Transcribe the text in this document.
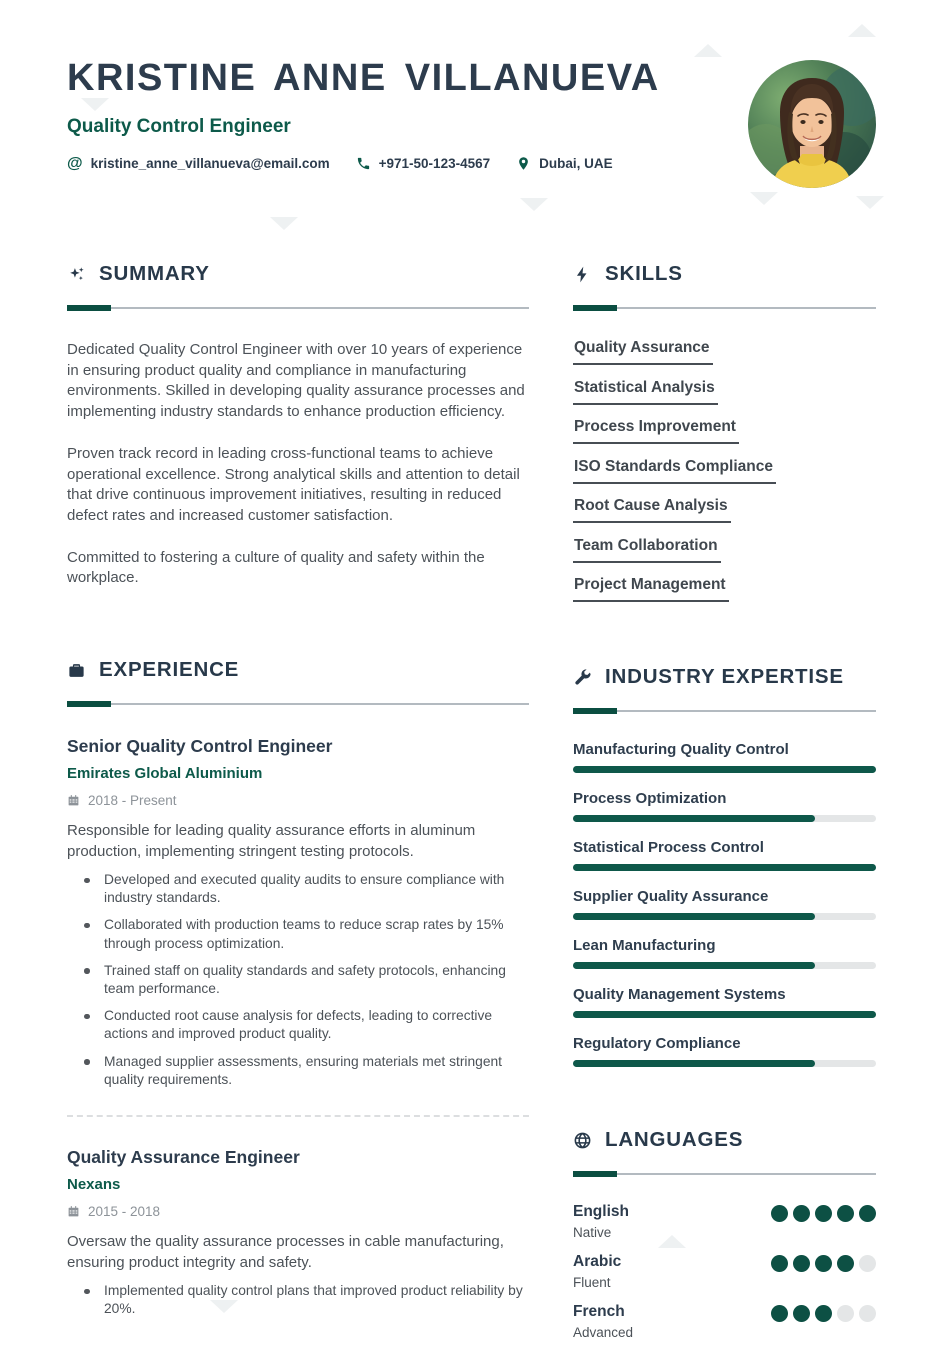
KRISTINE ANNE VILLANUEVA
Quality Control Engineer
@ kristine_anne_villanueva@email.com	+971-50-123-4567	Dubai, UAE
SUMMARY

Dedicated Quality Control Engineer with over 10 years of experience in ensuring product quality and compliance in manufacturing environments. Skilled in developing quality assurance processes and implementing industry standards to enhance production efficiency.

Proven track record in leading cross-functional teams to achieve operational excellence. Strong analytical skills and attention to detail that drive continuous improvement initiatives, resulting in reduced defect rates and increased customer satisfaction.

Committed to fostering a culture of quality and safety within the workplace.

EXPERIENCE
Senior Quality Control Engineer
Emirates Global Aluminium
2018 - Present
Responsible for leading quality assurance efforts in aluminum production, implementing stringent testing protocols.
Developed and executed quality audits to ensure compliance with industry standards.
Collaborated with production teams to reduce scrap rates by 15% through process optimization.
Trained staff on quality standards and safety protocols, enhancing team performance.
Conducted root cause analysis for defects, leading to corrective actions and improved product quality.
Managed supplier assessments, ensuring materials met stringent quality requirements.
Quality Assurance Engineer
Nexans
2015 - 2018
Oversaw the quality assurance processes in cable manufacturing, ensuring product integrity and safety.
Implemented quality control plans that improved product reliability by 20%.
SKILLS
Quality Assurance
Statistical Analysis
Process Improvement
ISO Standards Compliance
Root Cause Analysis
Team Collaboration
Project Management
INDUSTRY EXPERTISE
Manufacturing Quality Control
Process Optimization
Statistical Process Control
Supplier Quality Assurance
Lean Manufacturing
Quality Management Systems
Regulatory Compliance
LANGUAGES
English
Native
Arabic
Fluent
French
Advanced
